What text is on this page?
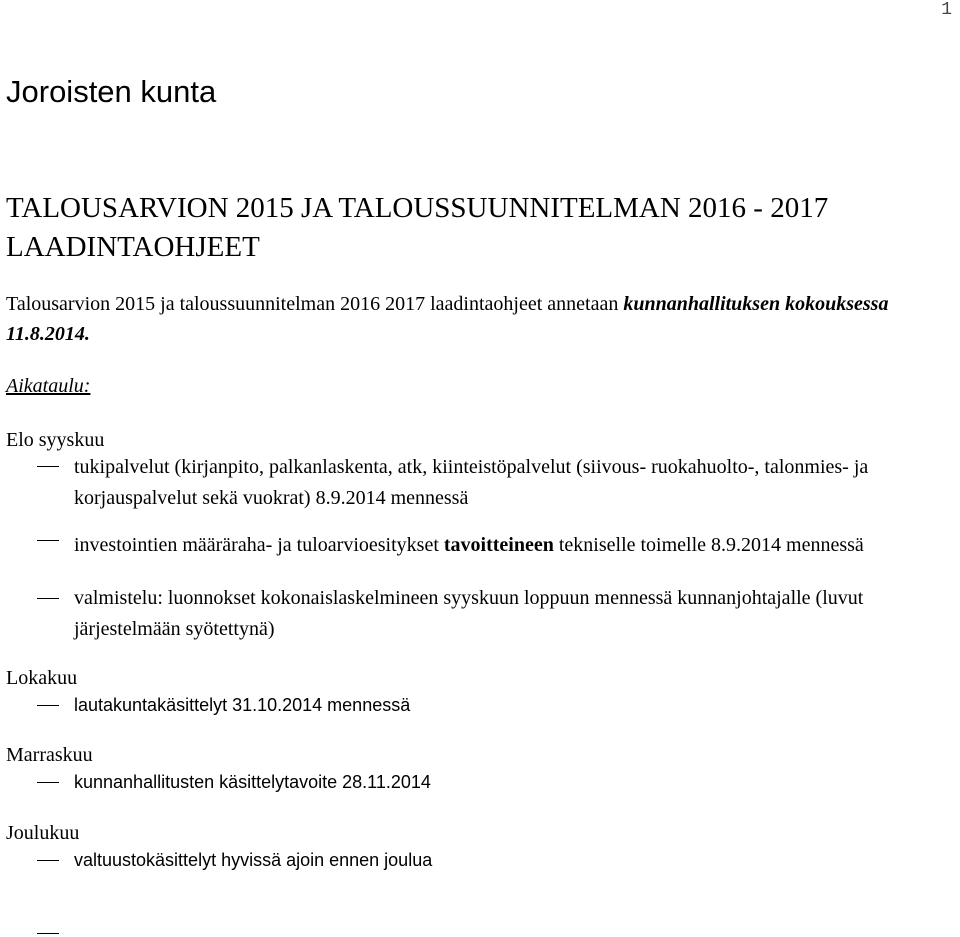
1
Joroisten kunta
TALOUSARVION 2015 JA TALOUSSUUNNITELMAN 2016 - 2017
LAADINTAOHJEET
Talousarvion 2015 ja taloussuunnitelman 2016 2017 laadintaohjeet annetaan kunnanhallituksen kokouksessa 11.8.2014.
Aikataulu:
Elo syyskuu
tukipalvelut (kirjanpito, palkanlaskenta, atk, kiinteistöpalvelut (siivous- ruokahuolto-, talonmies- ja korjauspalvelut sekä vuokrat) 8.9.2014 mennessä
investointien määräraha- ja tuloarvioesitykset tavoitteineen tekniselle toimelle 8.9.2014 mennessä
valmistelu: luonnokset kokonaislaskelmineen syyskuun loppuun mennessä kunnanjohtajalle (luvut järjestelmään syötettynä)
Lokakuu
lautakuntakäsittelyt 31.10.2014 mennessä
Marraskuu
kunnanhallitusten käsittelytavoite 28.11.2014
Joulukuu
valtuustokäsittelyt hyvissä ajoin ennen joulua
